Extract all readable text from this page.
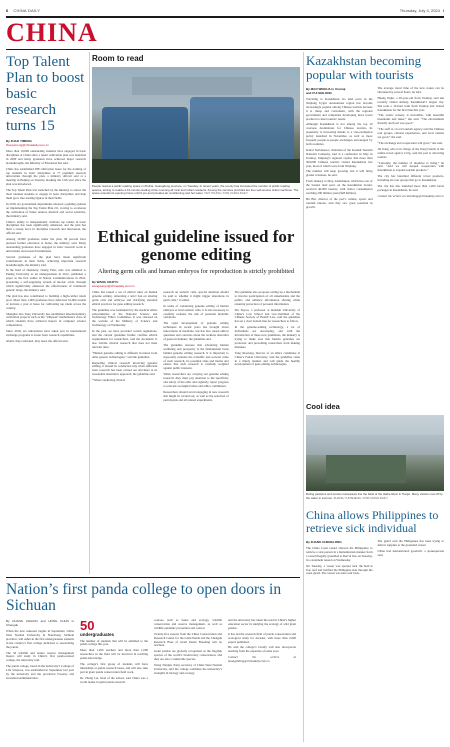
6 CHINA DAILY	Thursday, July 4, 2024 I
CHINA
Top Talent Plan to boost basic research turns 15
By ZHAO YIMENG
zhaoyimeng@chinadaily.com.cn

More than 16,000 outstanding students have engaged in basic disciplines at China since a talent cultivation plan was launched in 2009 and many graduates have achieved major research breakthroughs, the Ministry of Education has said.

China has established 288 cultivation bases for the training of top students in basic disciplines at 77 premium research universities through the plan, a ministry official said at a meeting in Beijing on Tuesday marking the 15th year since the plan was introduced.

The Top Talent Plan was launched by the ministry to attract the most talented students to engage in basic disciplines and help them grow into leading figures in their fields.

In 2018, six government departments released a guiding opinion on implementing the Top Talent Plan 2.0, vowing to accelerate the cultivation of future natural, medical and social scientists, the ministry said.

China’s ability to independently cultivate top talents in basic disciplines has been significantly enhanced, and the plan has built a strong force in discipline research and innovation, the official said.

Among 10,000 graduates under the plan, 96 percent have pursued further education at home, the ministry said. Many outstanding graduates have engaged in basic research work at universities and research institutions.

Several graduates of the plan have made significant contributions in their fields, achieving important research breakthroughs, the ministry said.

In the field of chemistry, Chang Yabo, who was admitted to Peking University as an undergraduate in 2012, published a paper as the first author in Nature Communications in 2022, presenting a self-supplying system of nucleic acids, through which significantly enhanced the effectiveness of traditional genetic drugs, the ministry said.

The plan has also contributed to building a high-caliber talent pool. More than 1,000 graduates have delivered 10,000 rounds of lectures a year at bases for cultivating top talent across the country.

Shanghai Jiao Tong University has established interdisciplinary cultivation projects such as the “Zhiyuan” mathematics class, in which students have achieved honors in computer science competitions.

Since 2018, six universities have taken part in international exchange programs to foster basic research capabilities.

Alarm, they reiterated, may need, the official said.

Room to read
People read at a public reading space in Zhuhai, Guangdong province, on Tuesday. In recent years, the county has increased the number of public reading spaces, aiming to realize a 15-minute reading circle covering all rural and urban residents. Among the services provided are free self-service ticket machines. The space extends its opening hours until 9 pm and provides air conditioning and hot water. TAN TOUNG / FOR CHINA DAILY
Ethical guideline issued for genome editing
Altering germ cells and human embryos for reproduction is strictly prohibited
By WANG XIAOYU
wangxiaoyu@chinadaily.com.cn

China has issued a set of ethical rules on human genome editing, reiterating a strict ban on altering germ cells and embryos and clarifying standard ethical practices for gene editing research.

The guideline was formulated by the medical ethics subcommittee of the National Science and Technology Ethics Committee. It was released on the website of the Ministry of Science and Technology on Wednesday.

In the past, we have provided certain regulations, and the current guideline further clarifies ethical requirements for researchers, said the document. It also forbids clinical research that does not meet relevant rules.

“Human genome editing is different in nature from other genetic technologies,” said the guideline.

Regarding clinical research involving genome editing, it should be conducted only when sufficient basic research has been carried out and there is no reasonable alternative approach, the guideline said.

“When conducting clinical

research on somatic cells, special attention should be paid to whether it might trigger alterations in germ cells,” it added.

In terms of conducting genome editing of human embryos or fetal somatic cells, it is also necessary to carefully evaluate the risk of potential heritable variations.

The rapid development of genome editing techniques in recent years has brought about innovations in medicine, but has also raised ethical questions and concerns about the reckless alteration of genes in humans, the guideline said.

The guideline stresses that advancing human wellbeing and prosperity is the fundamental basis behind genome editing research. It is important to rigorously evaluate the scientific and societal value of such research, its potential risks and harms and ensure that such research is carefully weighed against public interests.

When researchers are carrying out genome editing research, they must pay attention to the specificity and safety of the edits and regularly report progress to relevant oversight bodies and ethics committees.

Researchers should avoid engaging in new research that might be carried out, as well as the selection of participants and all related experiments.

The guideline also proposes setting up a mechanism to involve participation of all stakeholders and the public, and enhance information sharing while ensuring protection of personal information.

Shi Jiayou, a professor at Renmin University of China’s Law School and vice-chairman of the Chinese Society of Health Law, said the guideline has set a clear bottom line for researchers to follow.

In the genome-editing technology, a lot of individuals are developing, and with the introduction of these new guidelines, the industry is trying to make sure that human genomes are protected, and preventing researchers from making mistakes.

Tang Xiaolong, director of an ethics committee at China’s Fudan University, said the guideline came in a timely manner and will guide the healthy development of gene editing technologies.

Kazakhstan becoming popular with tourists
By MAO WEIHUA in Urumqi
and CUI SHILONG

Traveling to Kazakhstan via land ports in the Xinjiang Uygur autonomous region has become increasingly popular among Chinese tourists because it is cheap and convenient, with the regional government and companies developing more travel products to meet tourists’ needs.

Although Kazakhstan is not among the top 10 overseas destinations for Chinese tourists, its popularity is increasing thanks to a visa-exemption policy launched in November, as well as more frequent people-to-people exchanges encouraged by both countries.

Kairat Sadvakasov, chairman of the Kazakh Tourism National Company, said at a conference in May in Urumqi, Xinjiang’s regional capital, that more than 500,000 Chinese tourists visited Kazakhstan last year, most of whom were from Xinjiang.

The number will keep growing and it will bring greater revenues, he said.

From January to May, Alashankou, which has one of the busiest land ports on the Kazakhstan border, received 40,000 tourists, with visitor consumption reaching 200 million yuan ($28 million).

Hu Bin, director of the port’s culture, sports and tourism bureau, said they saw great potential in growth.

The average travel time of the new routes can be shortened by several hours, he said.

Huang Jinjin, a 26-year-old from Urumqi, said she recently visited Almaty, Kazakhstan’s largest city. She took a 10-hour train from Urumqi and visited Kazakhstan for the first time this year.

“The scenic scenery is incredible, with beautiful mountains and lakes,” she said. “The environment friendly and food was good.”

“The staff at a local tourism agency said the Chinese tour groups, cultural experiences, and local cuisine are good,” she said.

“The exchange and cooperation will grow,” she said.

Jin Jiang, who is in charge of the Jiang branch of the online travel agency Ctrip, said the port is attracting tourists.

“Currently, the number of inquiries is rising,” he said. “And we will deepen cooperation with Kazakhstan to expand tourism products.”

The city has launched different travel products, including six tour groups that go to Kazakhstan.

The city has also launched more than 1,400 travel packages in Kazakhstan, he said.

Contact the writers at cuishilong@chinadaily.com.cn

Cool idea
Ruling pavilions and terrace restaurants line the bank of the Haihe River in Tianjin. Many visitors cool off by the water in summer. ZHANG YUNSHENG / FOR CHINA DAILY
China allows Philippines to retrieve sick individual
By ZHANG CHENGLONG

The China Coast Guard allowed the Philippines to retrieve a sick person in a humanitarian manner from a vessel illegally grounded at Ren’ai Jiao on Tuesday, in a statement issued on Wednesday.

On Tuesday, a vessel was spotted near the Ren’ai Jiao reef and notified the Philippine side through the coast guard. The vessel was later sent back.

The guard said the Philippines has been trying to deliver supplies to the grounded vessel.

China had demonstrated goodwill, a spokesperson said.

Nation’s first panda college to open doors in Sichuan
By HUANG ZHILING and HONG CHUN in Chengdu

When the new semester begins in September, China West Normal University in Nanchong, Sichuan province, will usher in the first undergraduate students in the country’s first college dedicated to researching the panda.

The 50 wildlife and nature reserve management majors will study in China’s first panda-related college, the university said.

The panda college, based in the university’s College of Life Sciences, was established in September last year by the university and the provincial Forestry and Grassland Administration.

50
undergraduates

The number of students that will be admitted to the panda college this year.

More than 1,200 teachers and more than 1,000 researchers in the field will be involved in teaching panda knowledge.

The college’s first group of students will have internships at panda research bases, and will also take part in giant panda conservation field work.

Dr. Zhang Lei, head of the school, said China was a world leader in giant panda research.

courses, such as fauna and ecology, wildlife conservation and reserve management, as well as wildlife epidemic prevention and control.

Twenty-five experts from the China Conservation and Research Center for the Giant Panda and the Chengdu Research Base of Giant Panda Breeding will be teachers.

Giant pandas are globally recognized as the flagship species of the world’s biodiversity conservation, and they are also a vulnerable species.

Wang Tianjun, Party secretary of China West Normal University, said the college combines the university’s strengths in biology and ecology.

and the university has taken the lead in China’s higher education sector in studying the ecology of wild giant pandas.

It has led the research field of panda conservation and ecological study for decades, with more than 2,000 papers published.

He said the college’s faculty will also incorporate learning from the expertise of some zoos.

Contact the writers at huangzhiling@chinadaily.com.cn
